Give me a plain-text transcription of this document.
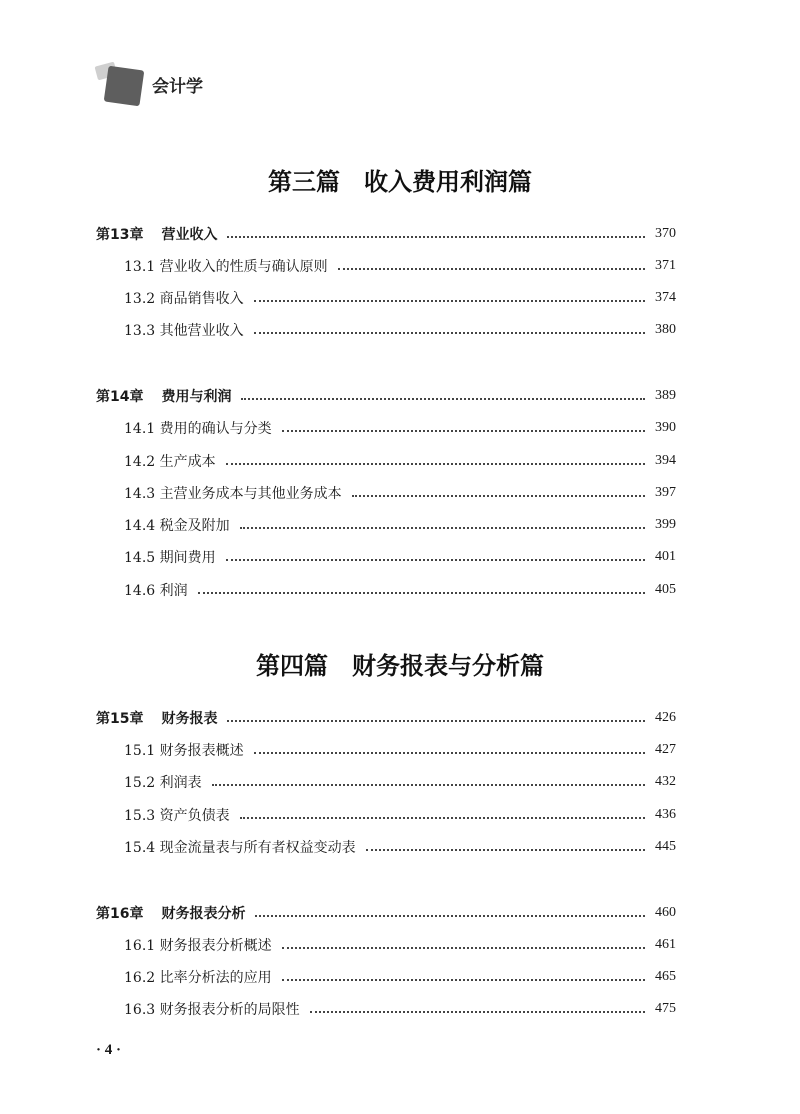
会计学
第三篇　收入费用利润篇
第13章 营业收入	370
13.1 营业收入的性质与确认原则	371
13.2 商品销售收入	374
13.3 其他营业收入	380
第14章 费用与利润	389
14.1 费用的确认与分类	390
14.2 生产成本	394
14.3 主营业务成本与其他业务成本	397
14.4 税金及附加	399
14.5 期间费用	401
14.6 利润	405
第四篇　财务报表与分析篇
第15章 财务报表	426
15.1 财务报表概述	427
15.2 利润表	432
15.3 资产负债表	436
15.4 现金流量表与所有者权益变动表	445
第16章 财务报表分析	460
16.1 财务报表分析概述	461
16.2 比率分析法的应用	465
16.3 财务报表分析的局限性	475
· 4 ·
